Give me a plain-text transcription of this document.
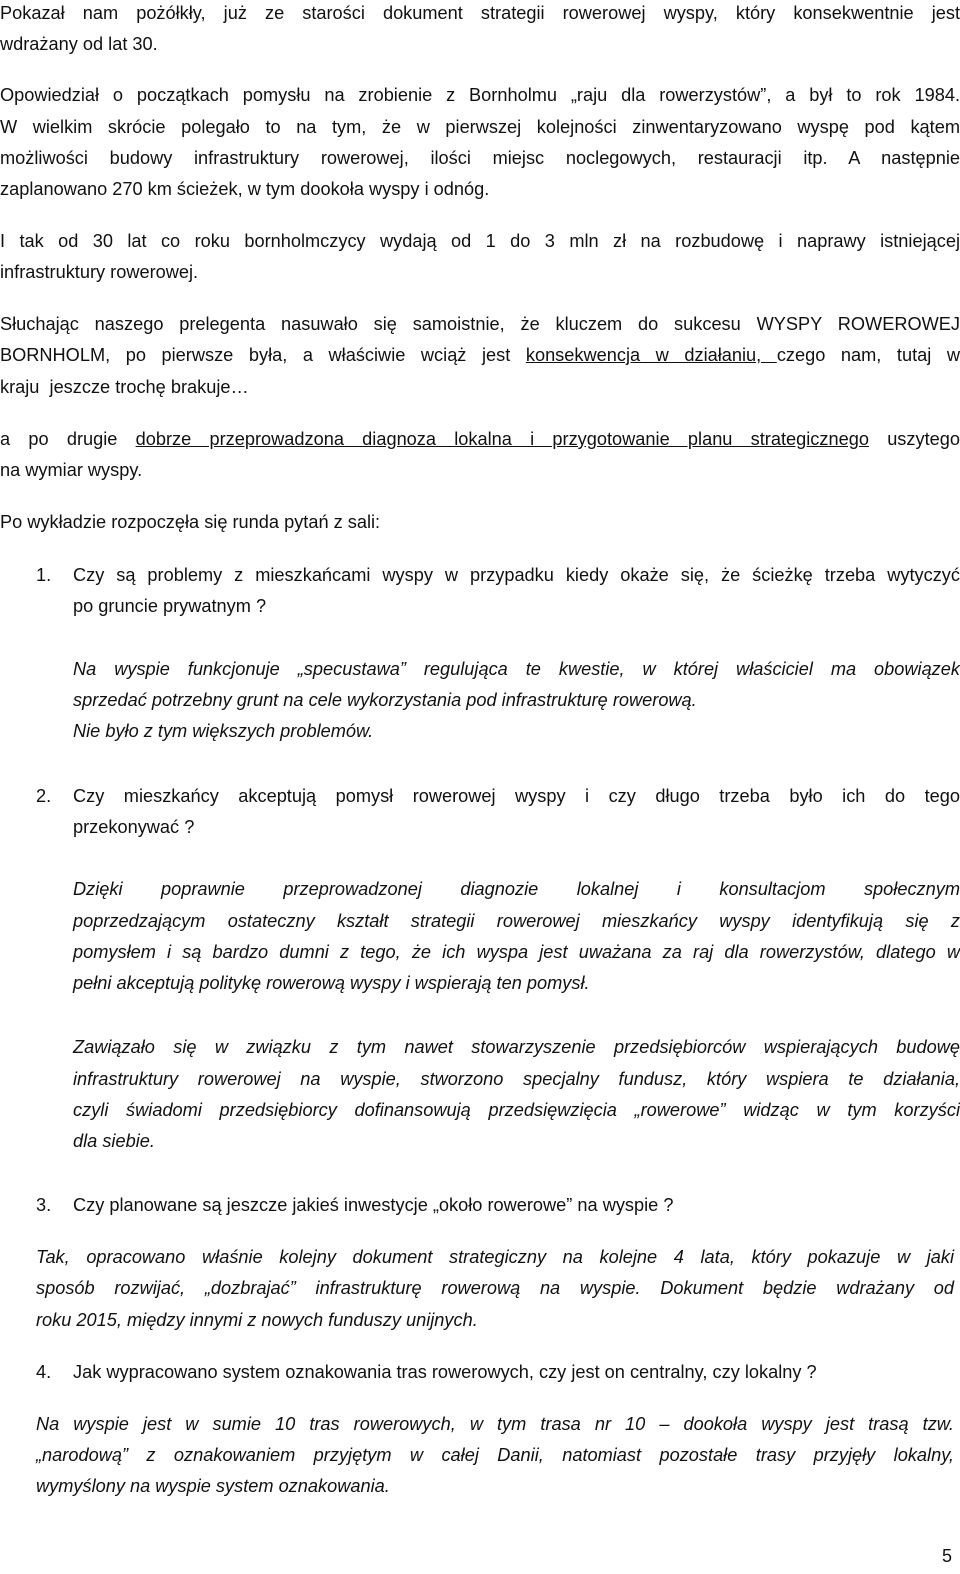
Pokazał nam pożółkły, już ze starości dokument strategii rowerowej wyspy, który konsekwentnie jest

wdrażany od lat 30.

Opowiedział o początkach pomysłu na zrobienie z Bornholmu „raju dla rowerzystów”, a był to rok 1984.

W wielkim skrócie polegało to na tym, że w pierwszej kolejności zinwentaryzowano wyspę pod kątem

możliwości budowy infrastruktury rowerowej, ilości miejsc noclegowych, restauracji itp. A następnie

zaplanowano 270 km ścieżek, w tym dookoła wyspy i odnóg.

I tak od 30 lat co roku bornholmczycy wydają od 1 do 3 mln zł na rozbudowę i naprawy istniejącej

infrastruktury rowerowej.

Słuchając naszego prelegenta nasuwało się samoistnie, że kluczem do sukcesu WYSPY ROWEROWEJ

BORNHOLM, po pierwsze była, a właściwie wciąż jest konsekwencja w działaniu, czego nam, tutaj w

kraju  jeszcze trochę brakuje…

a po drugie dobrze przeprowadzona diagnoza lokalna i przygotowanie planu strategicznego uszytego

na wymiar wyspy.

Po wykładzie rozpoczęła się runda pytań z sali:

1. Czy są problemy z mieszkańcami wyspy w przypadku kiedy okaże się, że ścieżkę trzeba wytyczyć

po gruncie prywatnym ?

Na wyspie funkcjonuje „specustawa” regulująca te kwestie, w której właściciel ma obowiązek

sprzedać potrzebny grunt na cele wykorzystania pod infrastrukturę rowerową.

Nie było z tym większych problemów.

2. Czy mieszkańcy akceptują pomysł rowerowej wyspy i czy długo trzeba było ich do tego

przekonywać ?

Dzięki poprawnie przeprowadzonej diagnozie lokalnej i konsultacjom społecznym

poprzedzającym ostateczny kształt strategii rowerowej mieszkańcy wyspy identyfikują się z

pomysłem i są bardzo dumni z tego, że ich wyspa jest uważana za raj dla rowerzystów, dlatego w

pełni akceptują politykę rowerową wyspy i wspierają ten pomysł.

Zawiązało się w związku z tym nawet stowarzyszenie przedsiębiorców wspierających budowę

infrastruktury rowerowej na wyspie, stworzono specjalny fundusz, który wspiera te działania,

czyli świadomi przedsiębiorcy dofinansowują przedsięwzięcia „rowerowe” widząc w tym korzyści

dla siebie.

3. Czy planowane są jeszcze jakieś inwestycje „około rowerowe” na wyspie ?

Tak, opracowano właśnie kolejny dokument strategiczny na kolejne 4 lata, który pokazuje w jaki

sposób rozwijać, „dozbrajać” infrastrukturę rowerową na wyspie. Dokument będzie wdrażany od

roku 2015, między innymi z nowych funduszy unijnych.

4. Jak wypracowano system oznakowania tras rowerowych, czy jest on centralny, czy lokalny ?

Na wyspie jest w sumie 10 tras rowerowych, w tym trasa nr 10 – dookoła wyspy jest trasą tzw.

„narodową” z oznakowaniem przyjętym w całej Danii, natomiast pozostałe trasy przyjęły lokalny,

wymyślony na wyspie system oznakowania.

5
